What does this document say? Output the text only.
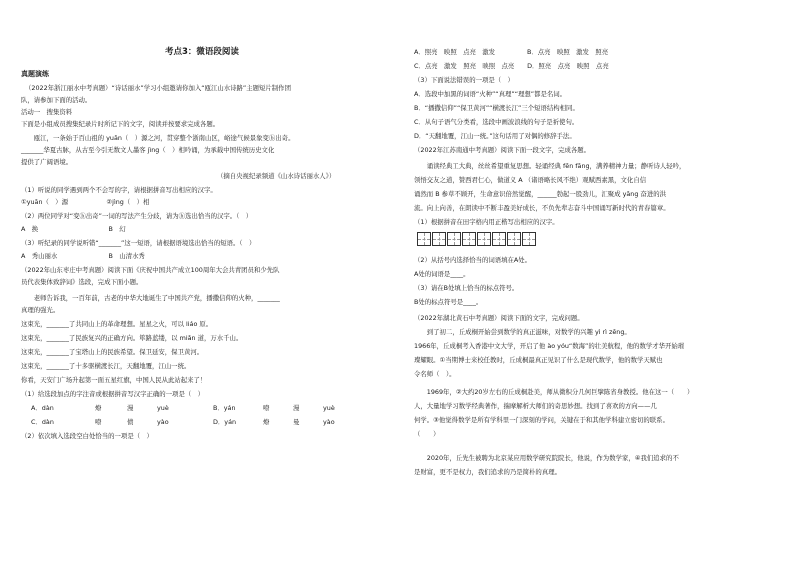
考点3：微语段阅读
真题演练
（2022年浙江丽水中考真题）“诗话丽水”学习小组邀请你加入“瓯江山水诗路”主题短片制作团
队，请参加下面的活动。
活动一　搜集资料
下面是小组成员搜集纪录片时所记下的文字，阅读并按要求完成各题。
　　瓯江，一条始于百山祖的 yuān（　）源之河，贯穿整个浙南山区，峪途气候景象变ⓑ出奇。
_______华夏古脉，从古至今引无数文人墨客 jìng（　）相吟诵，为承载中国传统历史文化
提供了广阔语境。
（摘自央视纪录频道《山水诗话丽水人》）
（1）听说的同学遇到两个不会写的字，请根据拼音写出相应的汉字。
①yuān（　）源　　　　　　②jìng（　）相
（2）两位同学对“变ⓑ出奇”一词的写法产生分歧，请为ⓑ选出恰当的汉字。（　）
A　换　　　　　　　　　　　B　幻
（3）听纪录的同学说听错“_______”这一短语，请根据语境选出恰当的短语。（　）
A　秀山丽水　　　　　　　　B　山清水秀
（2022年山东枣庄中考真题）阅读下面《庆祝中国共产成立100周年大会共青团员和少先队
员代表集体致辞词》选段，完成下面小题。
　　老师告诉我，一百年前，古老的中华大地诞生了中国共产党，播撒信仰的火种，_______
真理的强光。
这束光，_______了共同山上的革命理想。星星之火，可以 liáo 原。
这束光，_______了民族复兴的正确方向。筚路蓝缕，以 miǎn 道，万水千山。
这束光，_______了宝塔山上的民族希望。保卫延安，保卫黄河。
这束光，_______了十多驱横渡长江，天翻地覆，江山一统。
你看，天安门广场升起第一面五星红旗，中国人民从此站起来了！
（1）给选段加点的字注音或根据拼音写汉字正确的一项是（　）
A．dàn	燎	漫	yuè	B．yán	嘹	漫	yuè
C．dàn	嘹	偾	yào	D．yán	燎	曼	yào
（2）依次填入选段空白处恰当的一项是（　）
A．照亮　映照　点亮　激发　　　　　B．点亮　映照　激发　照亮
C．点亮　激发　照亮　映照　点亮　　D．照亮　点亮　映照　点亮
（3）下面说法错误的一项是（　）
A．选段中加黑的词语“火种”“真理”“理想”都是名词。
B．“播撒信仰”“保卫黄河”“横渡长江”三个短语结构相同。
C．从句子语气分类看，选段中画波浪线的句子是祈使句。
D．“天翻地覆，江山一统。”这句话用了对偶的修辞手法。
（2022年江苏南通中考真题）阅读下面一段文字，完成各题。
　　诵读经典工大典，丝丝希望重复思想。轻诵经典 fēn fāng，满养精神力量；静听诗人轻吟，
领悟交友之道，赞西君仁心，做道义 A （诸语略长风不绝）观赋西素黑，文化自信
诵然而 B 参草不顾开，生命意识倍然觉醒，______勃起一股劲儿，汇聚成 yāng 奋进的洪
流。向上向善，在朗读中不断丰盈美好成长，不负先辈志奋斗中国诵写新时代的青春篇章。
（1）根据拼音在田字格内用正楷写出相应的汉字。
（2）从括号内选择恰当的词语填在A处。
A处的词语是____。
（3）请在B处填上恰当的标点符号。
B处的标点符号是____。
（2022年湖北黄石中考真题）阅读下面的文字，完成问题。
　　到了初二，丘成桐开始尝到数学的真正滋味，对数学的兴趣 yì rì zēng。
1966年，丘成桐考入香港中文大学，开启了他 ào yóu“数海”的壮美航程，他的数学才华开始璀
璨耀眼。①当期博士来校任教时，丘成桐最真正见识了什么是现代数学，他的数学天赋也
令名师（　）。
　　1969年，②大约20岁左右的丘成桐赴美，师从微积分几何巨擘陈省身教授。他在这一（　　）
人，大量地学习数学经典著作，揣摩解析大师们的奇思妙想。找到了喜欢的方向——几
何学。③他觉得数学是所有学科里一门深刻的学问，关键在于和其他学科建立密切的联系。
（　　）
　　2020年，丘先生被聘为北京某应用数学研究院院长，他说，作为数学家，④我们追求的不
是财富，更不是权力，我们追求的乃是简朴的真理。
